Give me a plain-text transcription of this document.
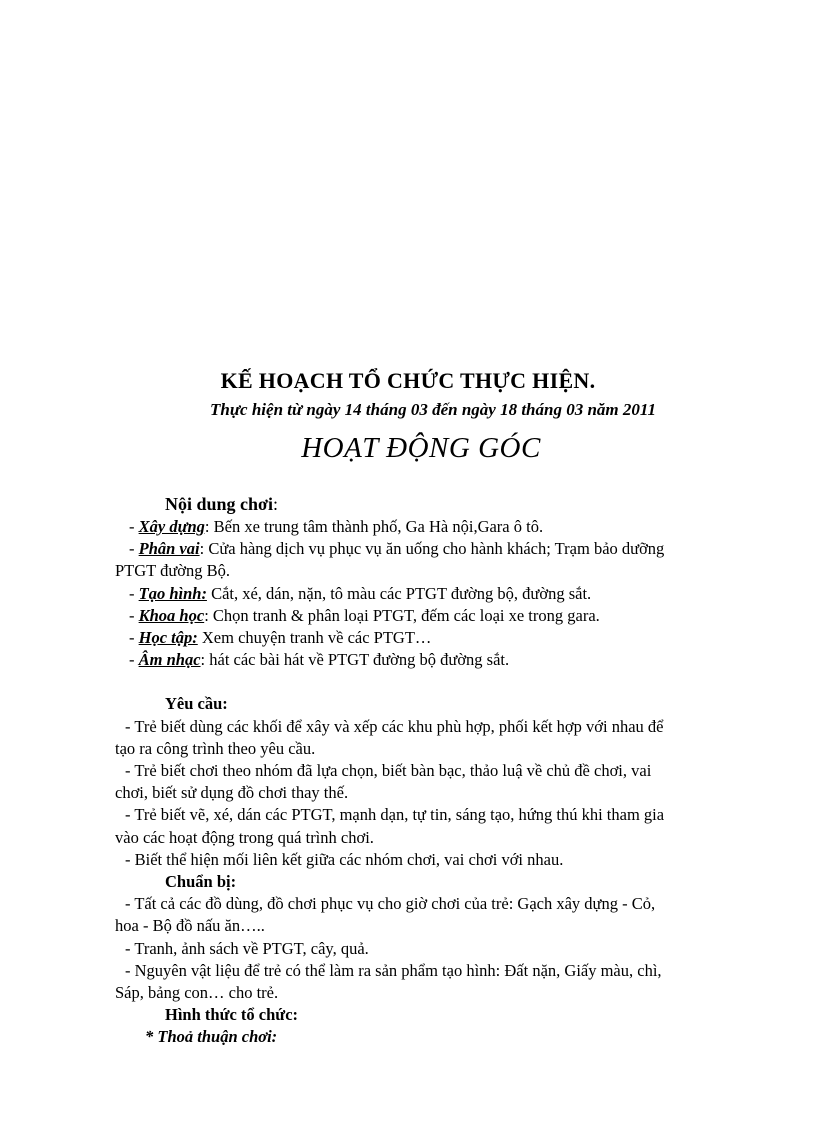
KẾ HOẠCH TỔ CHỨC THỰC HIỆN.
Thực hiện từ ngày 14 tháng 03 đến ngày 18 tháng 03 năm 2011
HOẠT ĐỘNG GÓC
Nội dung chơi:
- Xây dựng: Bến xe trung tâm thành phố, Ga Hà nội,Gara ô tô.
- Phân vai: Cửa hàng dịch vụ phục vụ ăn uống cho hành khách; Trạm bảo dưỡng
PTGT đường Bộ.
- Tạo hình: Cắt, xé, dán, nặn, tô màu các PTGT đường bộ, đường sắt.
- Khoa học: Chọn tranh & phân loại PTGT, đếm các loại xe trong gara.
- Học tập: Xem chuyện tranh về các PTGT…
- Âm nhạc: hát các bài hát về PTGT đường bộ đường sắt.
Yêu cầu:
- Trẻ biết dùng các khối để xây và xếp các khu phù hợp, phối kết hợp với nhau để
tạo ra công trình theo yêu cầu.
- Trẻ biết chơi theo nhóm đã lựa chọn, biết bàn bạc, thảo luậ về chủ đề chơi, vai
chơi, biết sử dụng đồ chơi thay thế.
- Trẻ biết vẽ, xé, dán các PTGT, mạnh dạn, tự tin, sáng tạo, hứng thú khi tham gia
vào các hoạt động trong quá trình chơi.
- Biết thể hiện mối liên kết giữa các nhóm chơi, vai chơi với nhau.
Chuẩn bị:
- Tất cả các đồ dùng, đồ chơi phục vụ cho giờ chơi của trẻ: Gạch xây dựng - Cỏ,
hoa - Bộ đồ nấu ăn…..
- Tranh, ảnh sách về PTGT, cây, quả.
- Nguyên vật liệu để trẻ có thể làm ra sản phẩm tạo hình: Đất nặn, Giấy màu, chì,
Sáp, bảng con… cho trẻ.
Hình thức tổ chức:
* Thoả thuận chơi:
